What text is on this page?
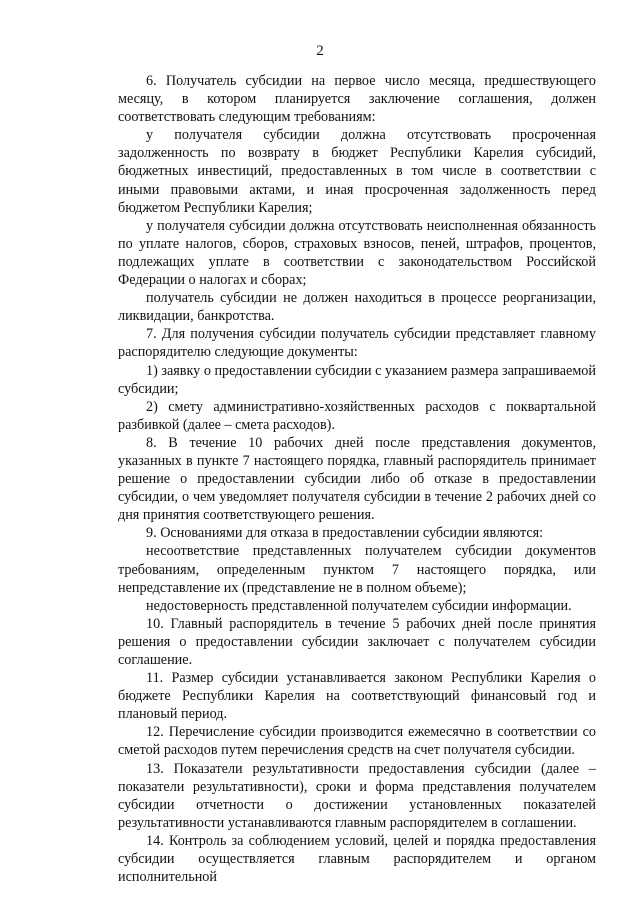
2

6. Получатель субсидии на первое число месяца, предшествующего месяцу, в котором планируется заключение соглашения, должен соответствовать следующим требованиям:

у получателя субсидии должна отсутствовать просроченная задолженность по возврату в бюджет Республики Карелия субсидий, бюджетных инвестиций, предоставленных в том числе в соответствии с иными правовыми актами, и иная просроченная задолженность перед бюджетом Республики Карелия;

у получателя субсидии должна отсутствовать неисполненная обязанность по уплате налогов, сборов, страховых взносов, пеней, штрафов, процентов, подлежащих уплате в соответствии с законодательством Российской Федерации о налогах и сборах;

получатель субсидии не должен находиться в процессе реорганизации, ликвидации, банкротства.

7. Для получения субсидии получатель субсидии представляет главному распорядителю следующие документы:

1) заявку о предоставлении субсидии с указанием размера запрашиваемой субсидии;

2) смету административно-хозяйственных расходов с поквартальной разбивкой (далее – смета расходов).

8. В течение 10 рабочих дней после представления документов, указанных в пункте 7 настоящего порядка, главный распорядитель принимает решение о предоставлении субсидии либо об отказе в предоставлении субсидии, о чем уведомляет получателя субсидии в течение 2 рабочих дней со дня принятия соответствующего решения.

9. Основаниями для отказа в предоставлении субсидии являются:

несоответствие представленных получателем субсидии документов требованиям, определенным пунктом 7 настоящего порядка, или непредставление их (представление не в полном объеме);

недостоверность представленной получателем субсидии информации.

10. Главный распорядитель в течение 5 рабочих дней после принятия решения о предоставлении субсидии заключает с получателем субсидии соглашение.

11. Размер субсидии устанавливается законом Республики Карелия о бюджете Республики Карелия на соответствующий финансовый год и плановый период.

12. Перечисление субсидии производится ежемесячно в соответствии со сметой расходов путем перечисления средств на счет получателя субсидии.

13. Показатели результативности предоставления субсидии (далее – показатели результативности), сроки и форма представления получателем субсидии отчетности о достижении установленных показателей результативности устанавливаются главным распорядителем в соглашении.

14. Контроль за соблюдением условий, целей и порядка предоставления субсидии осуществляется главным распорядителем и органом исполнительной
